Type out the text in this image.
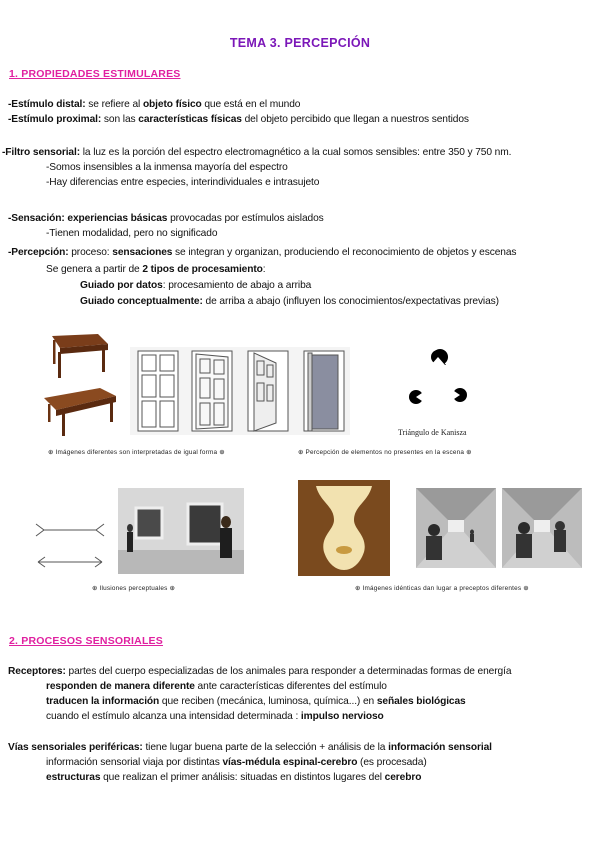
TEMA 3. PERCEPCIÓN
1. PROPIEDADES ESTIMULARES
-Estímulo distal: se refiere al objeto físico que está en el mundo
-Estímulo proximal: son las características físicas del objeto percibido que llegan a nuestros sentidos
-Filtro sensorial: la luz es la porción del espectro electromagnético a la cual somos sensibles: entre 350 y 750 nm.
-Somos insensibles a la inmensa mayoría del espectro
-Hay diferencias entre especies, interindividuales e intrasujeto
-Sensación: experiencias básicas provocadas por estímulos aislados
-Tienen modalidad, pero no significado
-Percepción: proceso: sensaciones se integran y organizan, produciendo el reconocimiento de objetos y escenas
Se genera a partir de 2 tipos de procesamiento:
Guiado por datos: procesamiento de abajo a arriba
Guiado conceptualmente: de arriba a abajo (influyen los conocimientos/expectativas previas)
Triángulo de Kanisza
⊕ Imágenes diferentes son interpretadas de igual forma ⊕	⊕ Percepción de elementos no presentes en la escena ⊕
⊕ Ilusiones perceptuales ⊕	⊕ Imágenes idénticas dan lugar a preceptos diferentes ⊕
2. PROCESOS SENSORIALES
Receptores: partes del cuerpo especializadas de los animales para responder a determinadas formas de energía
responden de manera diferente ante características diferentes del estímulo
traducen la información que reciben (mecánica, luminosa, química...) en señales biológicas
cuando el estímulo alcanza una intensidad determinada : impulso nervioso
Vías sensoriales periféricas: tiene lugar buena parte de la selección + análisis de la información sensorial
información sensorial viaja por distintas vías-médula espinal-cerebro (es procesada)
estructuras que realizan el primer análisis: situadas en distintos lugares del cerebro
